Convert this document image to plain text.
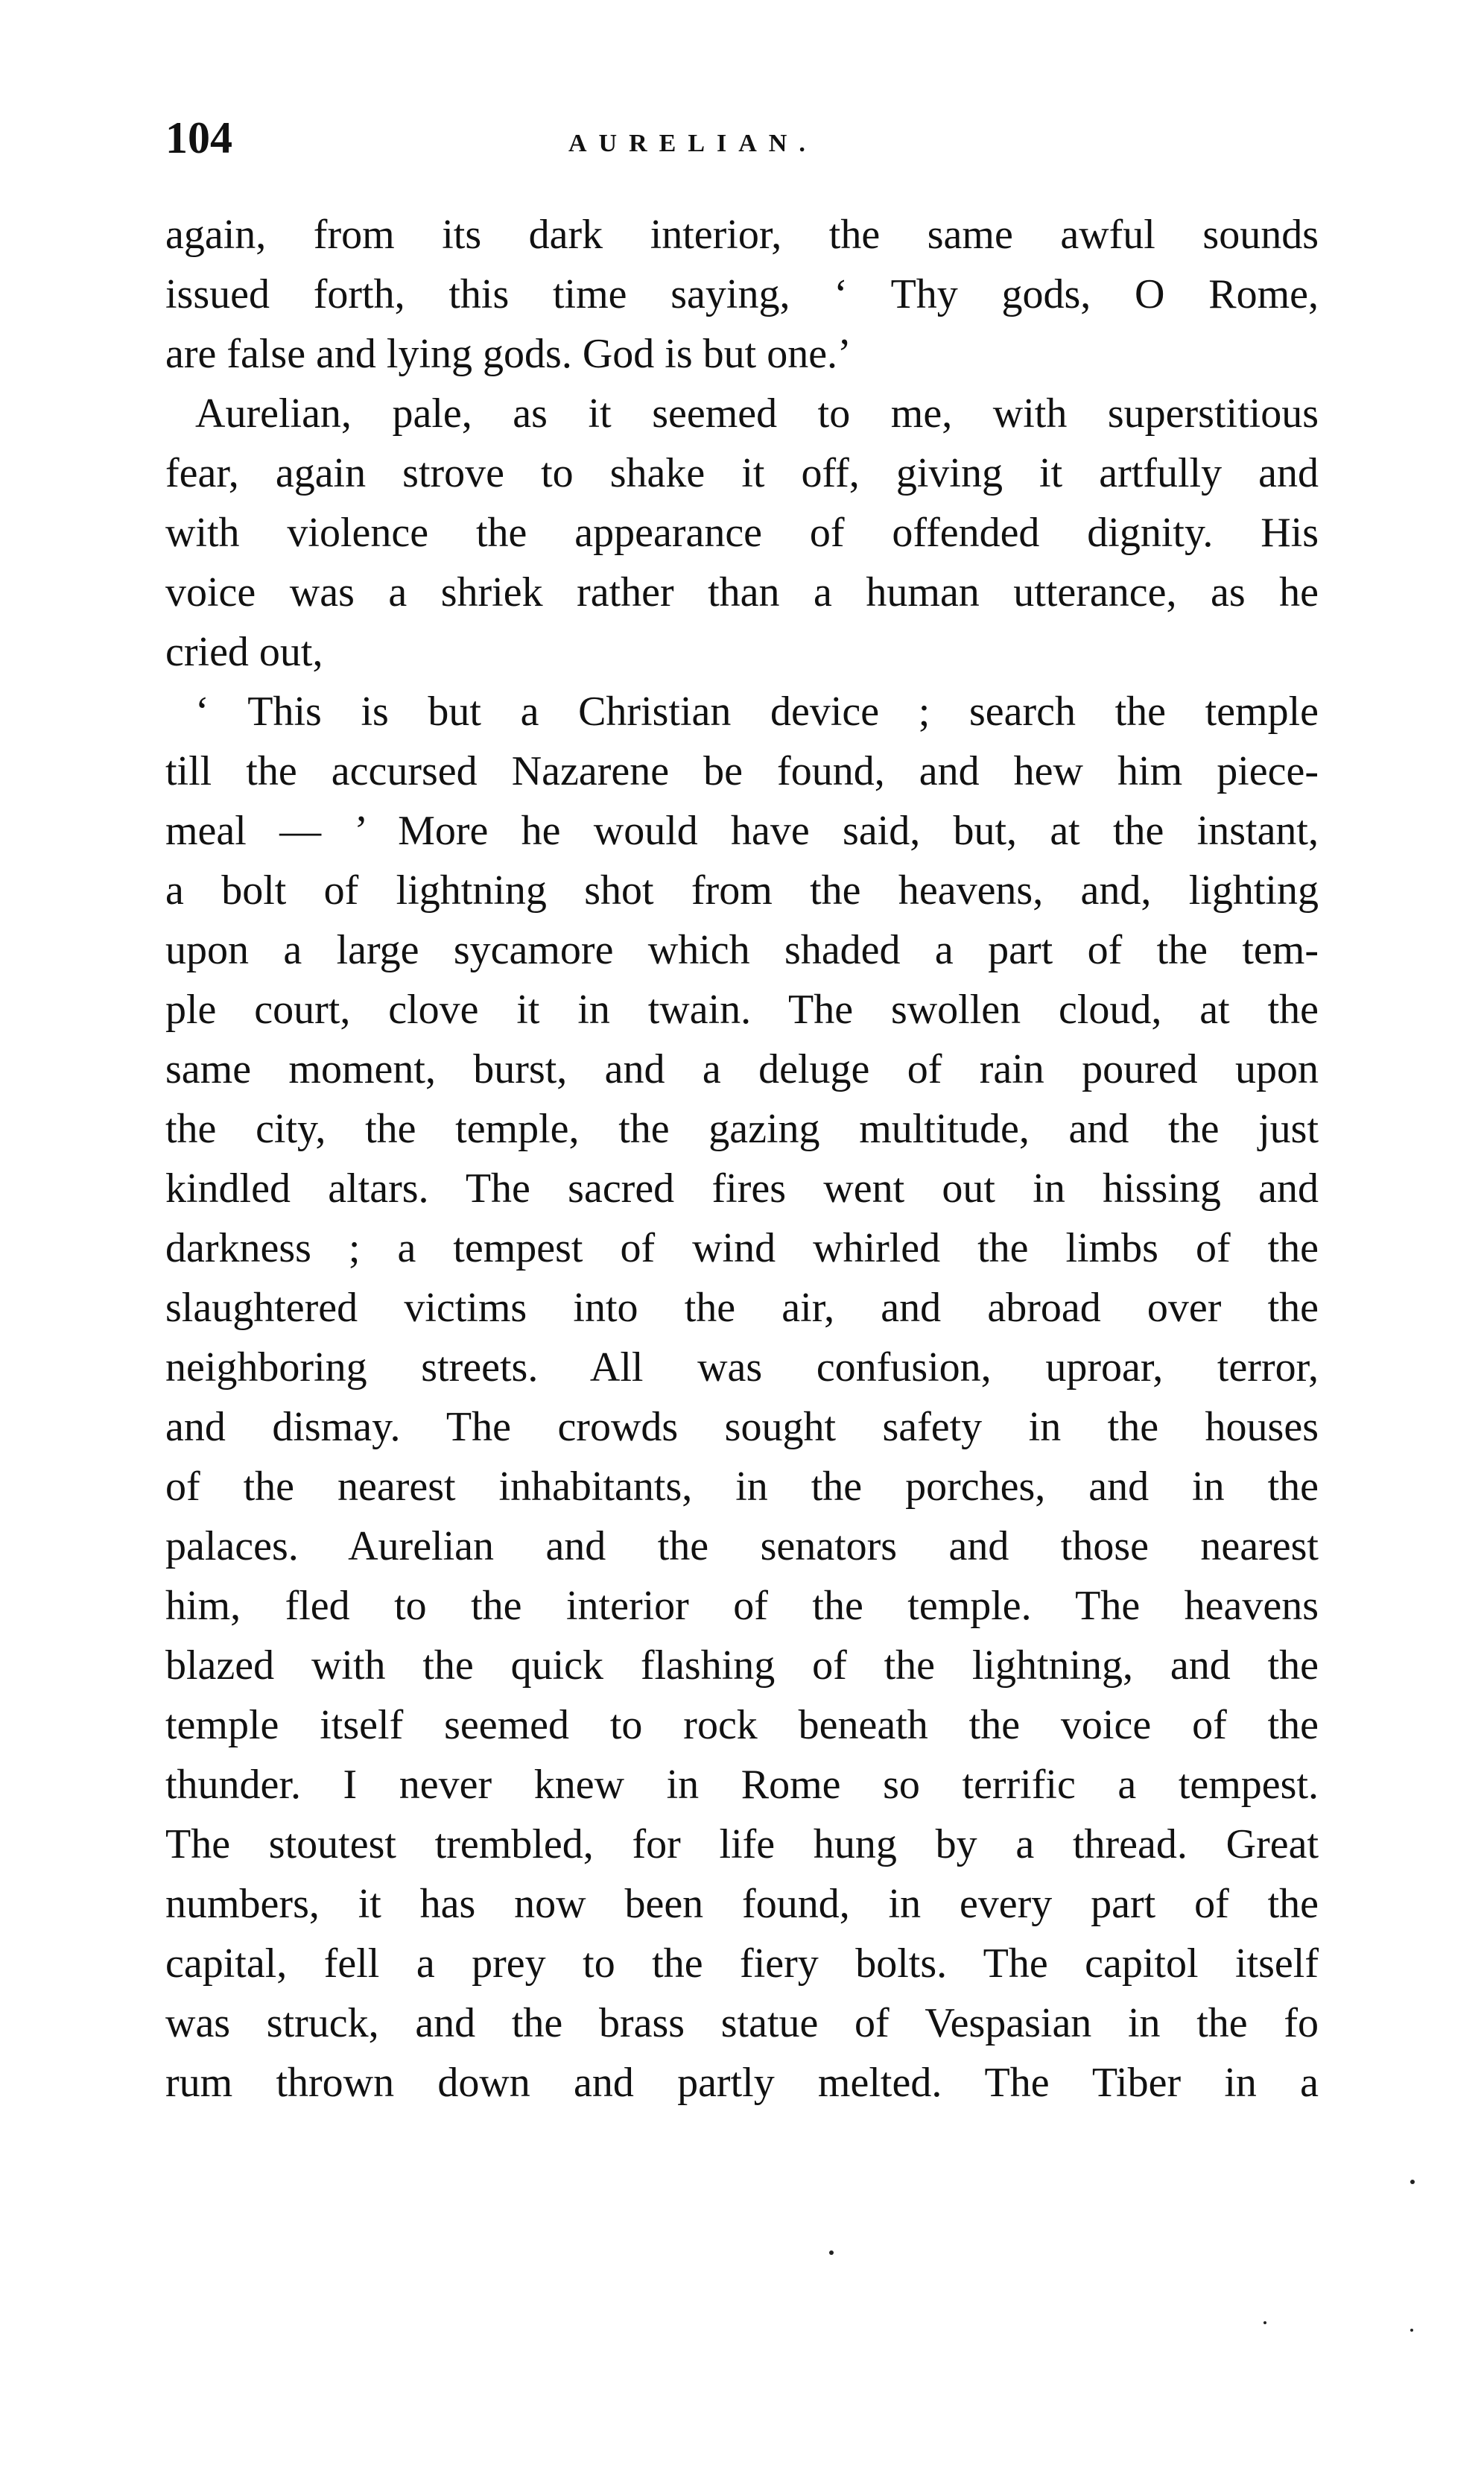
104	AURELIAN.
again, from its dark interior, the same awful sounds
issued forth, this time saying, ‘ Thy gods, O Rome,
are false and lying gods. God is but one.’
Aurelian, pale, as it seemed to me, with superstitious
fear, again strove to shake it off, giving it artfully and
with violence the appearance of offended dignity. His
voice was a shriek rather than a human utterance, as he
cried out,
‘ This is but a Christian device ; search the temple
till the accursed Nazarene be found, and hew him piece-
meal — ’ More he would have said, but, at the instant,
a bolt of lightning shot from the heavens, and, lighting
upon a large sycamore which shaded a part of the tem-
ple court, clove it in twain. The swollen cloud, at the
same moment, burst, and a deluge of rain poured upon
the city, the temple, the gazing multitude, and the just
kindled altars. The sacred fires went out in hissing and
darkness ; a tempest of wind whirled the limbs of the
slaughtered victims into the air, and abroad over the
neighboring streets. All was confusion, uproar, terror,
and dismay. The crowds sought safety in the houses
of the nearest inhabitants, in the porches, and in the
palaces. Aurelian and the senators and those nearest
him, fled to the interior of the temple. The heavens
blazed with the quick flashing of the lightning, and the
temple itself seemed to rock beneath the voice of the
thunder. I never knew in Rome so terrific a tempest.
The stoutest trembled, for life hung by a thread. Great
numbers, it has now been found, in every part of the
capital, fell a prey to the fiery bolts. The capitol itself
was struck, and the brass statue of Vespasian in the fo
rum thrown down and partly melted. The Tiber in a
